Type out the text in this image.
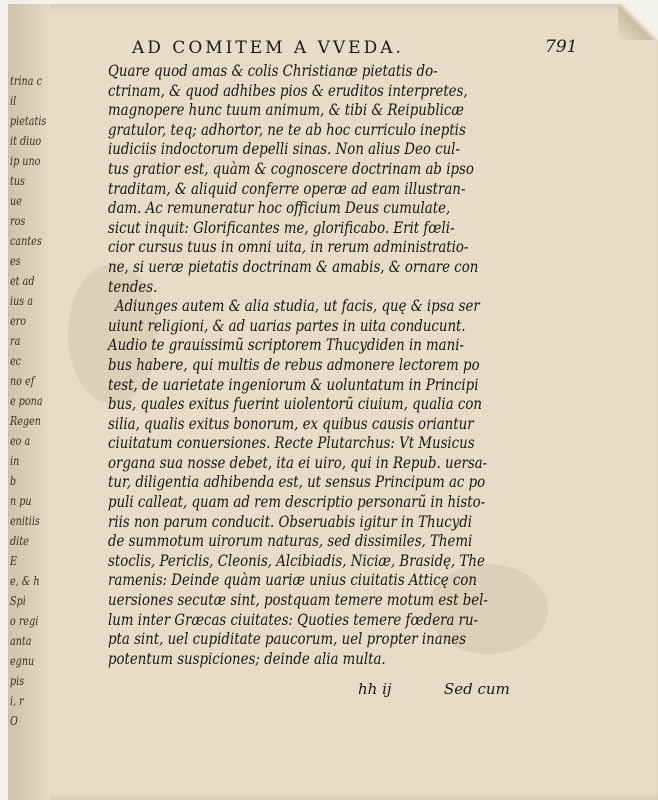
trina c
il
pietatis
it diuo
ip uno
tus
ue
ros
cantes
es
et ad
ius a
ero
ra
ec
no ef
e pona
Regen
eo a
in
b
n pu
enitiis
dite
E
e, & h
Spi
o regi
anta
egnu
pis
i, r
O
AD COMITEM A VVEDA.	791
Quare quod amas & colis Christianæ pietatis do-
ctrinam, & quod adhibes pios & eruditos interpretes,
magnopere hunc tuum animum, & tibi & Reipublicæ
gratulor, teq; adhortor, ne te ab hoc curriculo ineptis
iudiciis indoctorum depelli sinas. Non alius Deo cul-
tus gratior est, quàm & cognoscere doctrinam ab ipso
traditam, & aliquid conferre operæ ad eam illustran-
dam. Ac remuneratur hoc officium Deus cumulate,
sicut inquit: Glorificantes me, glorificabo. Erit fœli-
cior cursus tuus in omni uita, in rerum administratio-
ne, si ueræ pietatis doctrinam & amabis, & ornare con
tendes.
Adiunges autem & alia studia, ut facis, quę & ipsa ser
uiunt religioni, & ad uarias partes in uita conducunt.
Audio te grauissimũ scriptorem Thucydiden in mani-
bus habere, qui multis de rebus admonere lectorem po
test, de uarietate ingeniorum & uoluntatum in Principi
bus, quales exitus fuerint uiolentorũ ciuium, qualia con
silia, qualis exitus bonorum, ex quibus causis oriantur
ciuitatum conuersiones. Recte Plutarchus: Vt Musicus
organa sua nosse debet, ita ei uiro, qui in Repub. uersa-
tur, diligentia adhibenda est, ut sensus Principum ac po
puli calleat, quam ad rem descriptio personarũ in histo-
riis non parum conducit. Obseruabis igitur in Thucydi
de summotum uirorum naturas, sed dissimiles, Themi
stoclis, Periclis, Cleonis, Alcibiadis, Niciæ, Brasidę, The
ramenis: Deinde quàm uariæ unius ciuitatis Atticę con
uersiones secutæ sint, postquam temere motum est bel-
lum inter Græcas ciuitates: Quoties temere fœdera ru-
pta sint, uel cupiditate paucorum, uel propter inanes
potentum suspiciones; deinde alia multa.
hh ij	Sed cum
